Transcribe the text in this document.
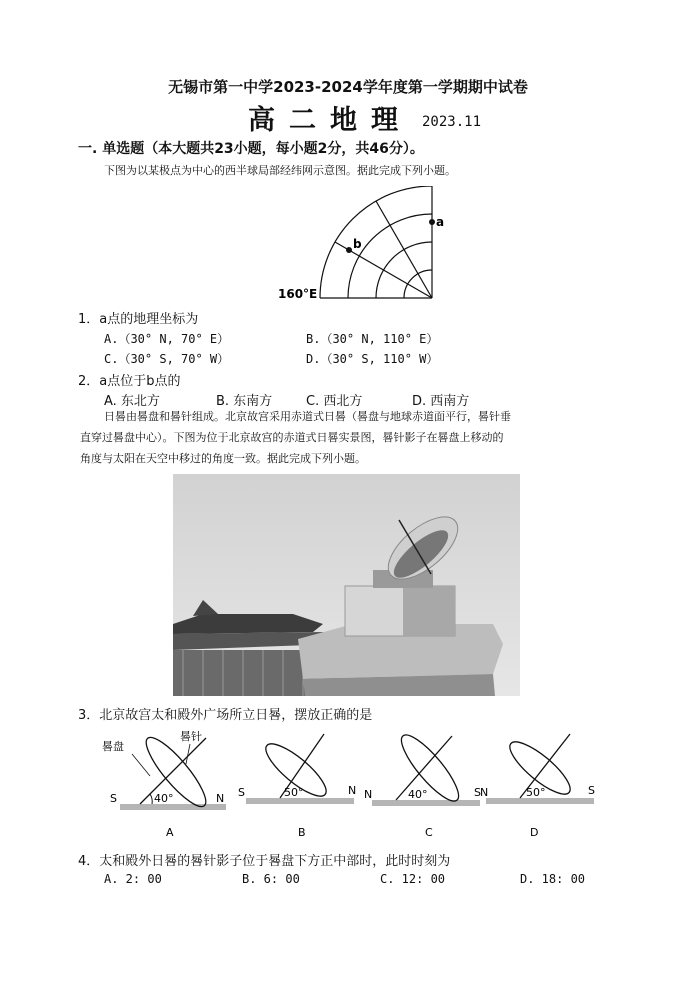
无锡市第一中学2023-2024学年度第一学期期中试卷
高二地理 2023.11
一. 单选题（本大题共23小题，每小题2分，共46分）。
下图为以某极点为中心的西半球局部经纬网示意图。据此完成下列小题。
a
b
160°E
1．a点的地理坐标为
A.（30° N, 70° E）	B.（30° N, 110° E）
C.（30° S, 70° W）	D.（30° S, 110° W）
2．a点位于b点的
A. 东北方	B. 东南方	C. 西北方	D. 西南方
日晷由晷盘和晷针组成。北京故宫采用赤道式日晷（晷盘与地球赤道面平行，晷针垂
直穿过晷盘中心）。下图为位于北京故宫的赤道式日晷实景图，晷针影子在晷盘上移动的
角度与太阳在天空中移过的角度一致。据此完成下列小题。
3．北京故宫太和殿外广场所立日晷，摆放正确的是
晷盘
晷针
S	N
40°	S	N
50°	N	S
40°	N	S
50°
A	B	C	D
4．太和殿外日晷的晷针影子位于晷盘下方正中部时，此时时刻为
A. 2: 00	B. 6: 00	C. 12: 00	D. 18: 00
